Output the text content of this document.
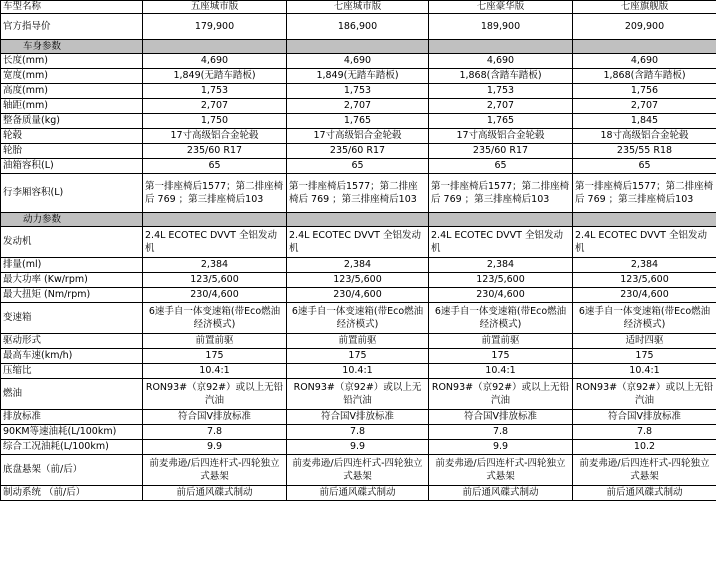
车型名称	五座城市版	七座城市版	七座豪华版	七座旗舰版
官方指导价	179,900	186,900	189,900	209,900
车身参数				
长度(mm)	4,690	4,690	4,690	4,690
宽度(mm)	1,849(无踏车踏板)	1,849(无踏车踏板)	1,868(含踏车踏板)	1,868(含踏车踏板)
高度(mm)	1,753	1,753	1,753	1,756
轴距(mm)	2,707	2,707	2,707	2,707
整备质量(kg)	1,750	1,765	1,765	1,845
轮毂	17寸高级铝合金轮毂	17寸高级铝合金轮毂	17寸高级铝合金轮毂	18寸高级铝合金轮毂
轮胎	235/60 R17	235/60 R17	235/60 R17	235/55 R18
油箱容积(L)	65	65	65	65
行李厢容积(L)	第一排座椅后1577；第二排座椅后 769 ；第三排座椅后103	第一排座椅后1577；第二排座椅后 769 ；第三排座椅后103	第一排座椅后1577；第二排座椅后 769 ；第三排座椅后103	第一排座椅后1577；第二排座椅后 769 ；第三排座椅后103
动力参数				
发动机	2.4L ECOTEC DVVT 全铝发动机	2.4L ECOTEC DVVT 全铝发动机	2.4L ECOTEC DVVT 全铝发动机	2.4L ECOTEC DVVT 全铝发动机
排量(ml)	2,384	2,384	2,384	2,384
最大功率 (Kw/rpm)	123/5,600	123/5,600	123/5,600	123/5,600
最大扭矩 (Nm/rpm)	230/4,600	230/4,600	230/4,600	230/4,600
变速箱	6速手自一体变速箱(带Eco燃油经济模式)	6速手自一体变速箱(带Eco燃油经济模式)	6速手自一体变速箱(带Eco燃油经济模式)	6速手自一体变速箱(带Eco燃油经济模式)
驱动形式	前置前驱	前置前驱	前置前驱	适时四驱
最高车速(km/h)	175	175	175	175
压缩比	10.4:1	10.4:1	10.4:1	10.4:1
燃油	RON93#（京92#）或以上无铅汽油	RON93#（京92#）或以上无铅汽油	RON93#（京92#）或以上无铅汽油	RON93#（京92#）或以上无铅汽油
排放标准	符合国V排放标准	符合国V排放标准	符合国V排放标准	符合国V排放标准
90KM等速油耗(L/100km)	7.8	7.8	7.8	7.8
综合工况油耗(L/100km)	9.9	9.9	9.9	10.2
底盘悬架（前/后）	前麦弗逊/后四连杆式-四轮独立式悬架	前麦弗逊/后四连杆式-四轮独立式悬架	前麦弗逊/后四连杆式-四轮独立式悬架	前麦弗逊/后四连杆式-四轮独立式悬架
制动系统 （前/后）	前后通风碟式制动	前后通风碟式制动	前后通风碟式制动	前后通风碟式制动
